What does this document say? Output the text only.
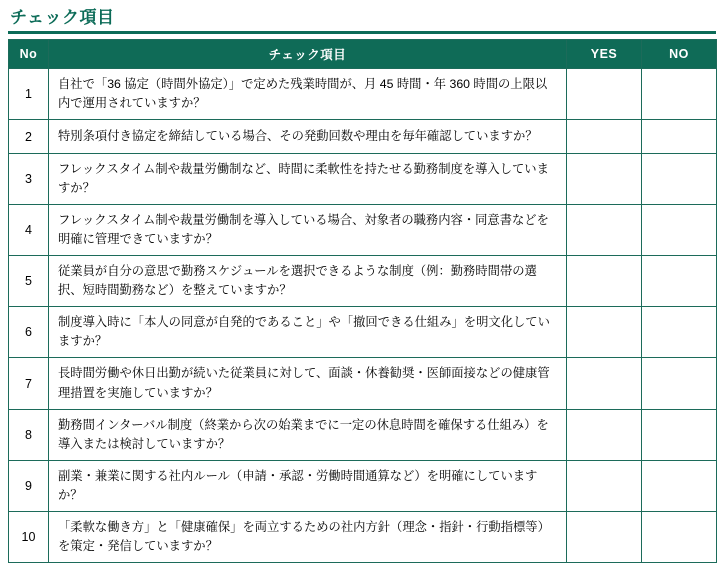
チェック項目
No	チェック項目	YES	NO
1	自社で「36 協定（時間外協定）」で定めた残業時間が、月 45 時間・年 360 時間の上限以内で運用されていますか？		
2	特別条項付き協定を締結している場合、その発動回数や理由を毎年確認していますか？		
3	フレックスタイム制や裁量労働制など、時間に柔軟性を持たせる勤務制度を導入していますか？		
4	フレックスタイム制や裁量労働制を導入している場合、対象者の職務内容・同意書などを明確に管理できていますか？		
5	従業員が自分の意思で勤務スケジュールを選択できるような制度（例：勤務時間帯の選択、短時間勤務など）を整えていますか？		
6	制度導入時に「本人の同意が自発的であること」や「撤回できる仕組み」を明文化していますか？		
7	長時間労働や休日出勤が続いた従業員に対して、面談・休養勧奨・医師面接などの健康管理措置を実施していますか？		
8	勤務間インターバル制度（終業から次の始業までに一定の休息時間を確保する仕組み）を導入または検討していますか？		
9	副業・兼業に関する社内ルール（申請・承認・労働時間通算など）を明確にしていますか？		
10	「柔軟な働き方」と「健康確保」を両立するための社内方針（理念・指針・行動指標等）を策定・発信していますか？		
